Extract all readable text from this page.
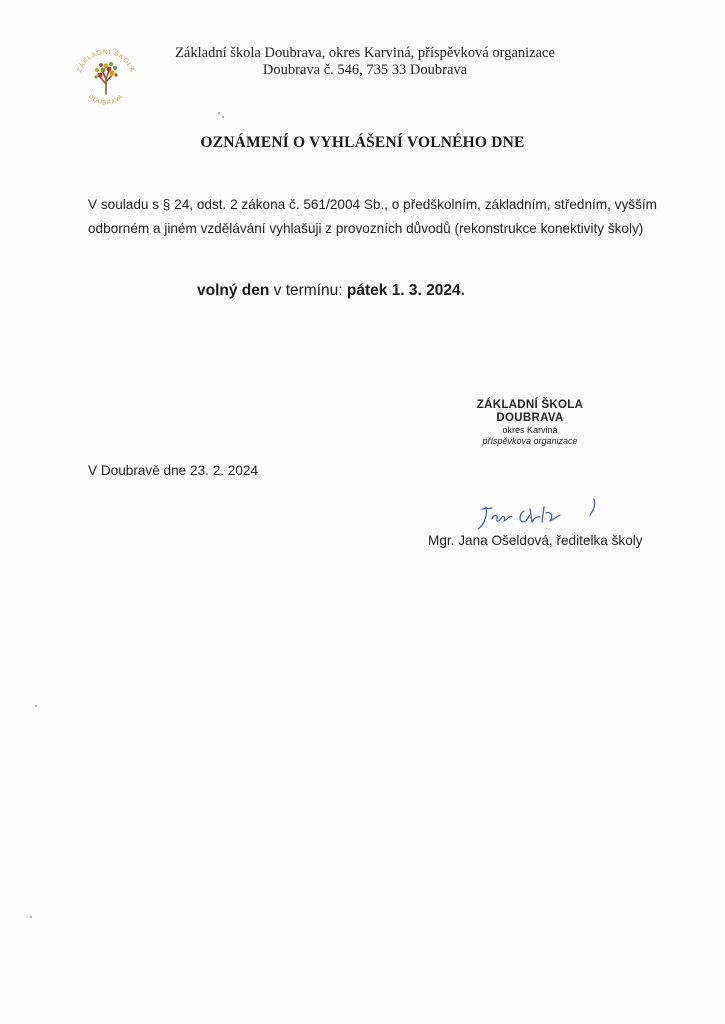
ZÁKLADNÍ ŠKOLA
DOUBRAVA
Základní škola Doubrava, okres Karviná, příspěvková organizace
Doubrava č. 546, 735 33 Doubrava
OZNÁMENÍ O VYHLÁŠENÍ VOLNÉHO DNE
V souladu s § 24, odst. 2 zákona č. 561/2004 Sb., o předškolním, základním, středním, vyšším
odborném a jiném vzdělávání vyhlašuji z provozních důvodů (rekonstrukce konektivity školy)
volný den v termínu: pátek 1. 3. 2024.
ZÁKLADNÍ ŠKOLA
DOUBRAVA
okres Karviná
příspěvková organizace
V Doubravě dne 23. 2. 2024
Mgr. Jana Ošeldová, ředitelka školy
